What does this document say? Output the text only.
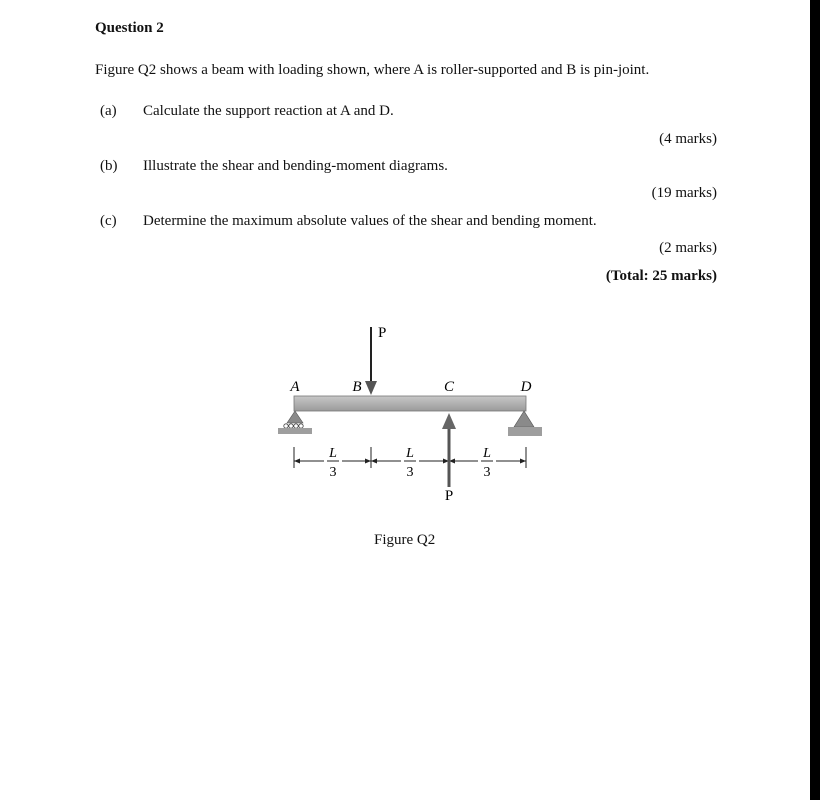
Question 2
Figure Q2 shows a beam with loading shown, where A is roller-supported and B is pin-joint.
(a) Calculate the support reaction at A and D.
(4 marks)
(b) Illustrate the shear and bending-moment diagrams.
(19 marks)
(c) Determine the maximum absolute values of the shear and bending moment.
(2 marks)
(Total: 25 marks)
A	B	C	D
P
L
3
L
3
L
3
P
Figure Q2
